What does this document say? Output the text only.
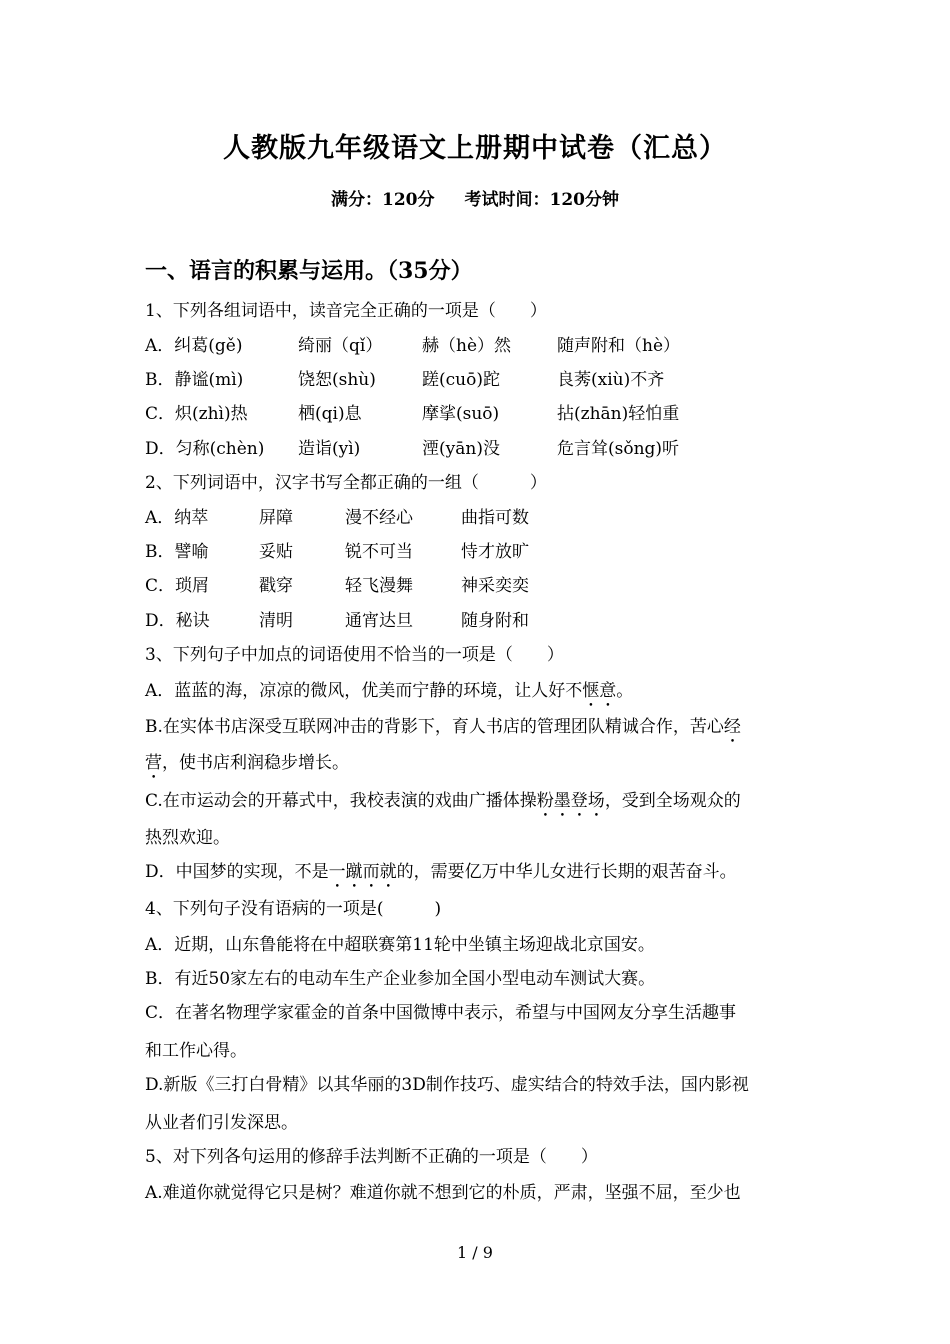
人教版九年级语文上册期中试卷（汇总）
满分：120分 考试时间：120分钟
一、语言的积累与运用。（35分）
1、下列各组词语中，读音完全正确的一项是（　　）
A．纠葛(gě)	绮丽（qǐ） 赫（hè）然	随声附和（hè）
B．静谧(mì)	饶恕(shù)	蹉(cuō)跎	良莠(xiù)不齐
C．炽(zhì)热	栖(qi)息	摩挲(suō)	拈(zhān)轻怕重
D．匀称(chèn) 造诣(yì)	湮(yān)没	危言耸(sǒng)听
2、下列词语中，汉字书写全都正确的一组（　　　）
A．纳萃	屏障	漫不经心	曲指可数
B．譬喻	妥贴	锐不可当	恃才放旷
C．琐屑	戳穿	轻飞漫舞	神采奕奕
D．秘诀	清明	通宵达旦	随身附和
3、下列句子中加点的词语使用不恰当的一项是（　　）
A．蓝蓝的海，凉凉的微风，优美而宁静的环境，让人好不惬意。
B.在实体书店深受互联网冲击的背影下，育人书店的管理团队精诚合作，苦心经
营，使书店利润稳步增长。
C.在市运动会的开幕式中，我校表演的戏曲广播体操粉墨登场，受到全场观众的
热烈欢迎。
D．中国梦的实现，不是一蹴而就的，需要亿万中华儿女进行长期的艰苦奋斗。
4、下列句子没有语病的一项是(　　　)
A．近期，山东鲁能将在中超联赛第11轮中坐镇主场迎战北京国安。
B．有近50家左右的电动车生产企业参加全国小型电动车测试大赛。
C．在著名物理学家霍金的首条中国微博中表示，希望与中国网友分享生活趣事
和工作心得。
D.新版《三打白骨精》以其华丽的3D制作技巧、虚实结合的特效手法，国内影视
从业者们引发深思。
5、对下列各句运用的修辞手法判断不正确的一项是（　　）
A.难道你就觉得它只是树？难道你就不想到它的朴质，严肃，坚强不屈，至少也
1 / 9
